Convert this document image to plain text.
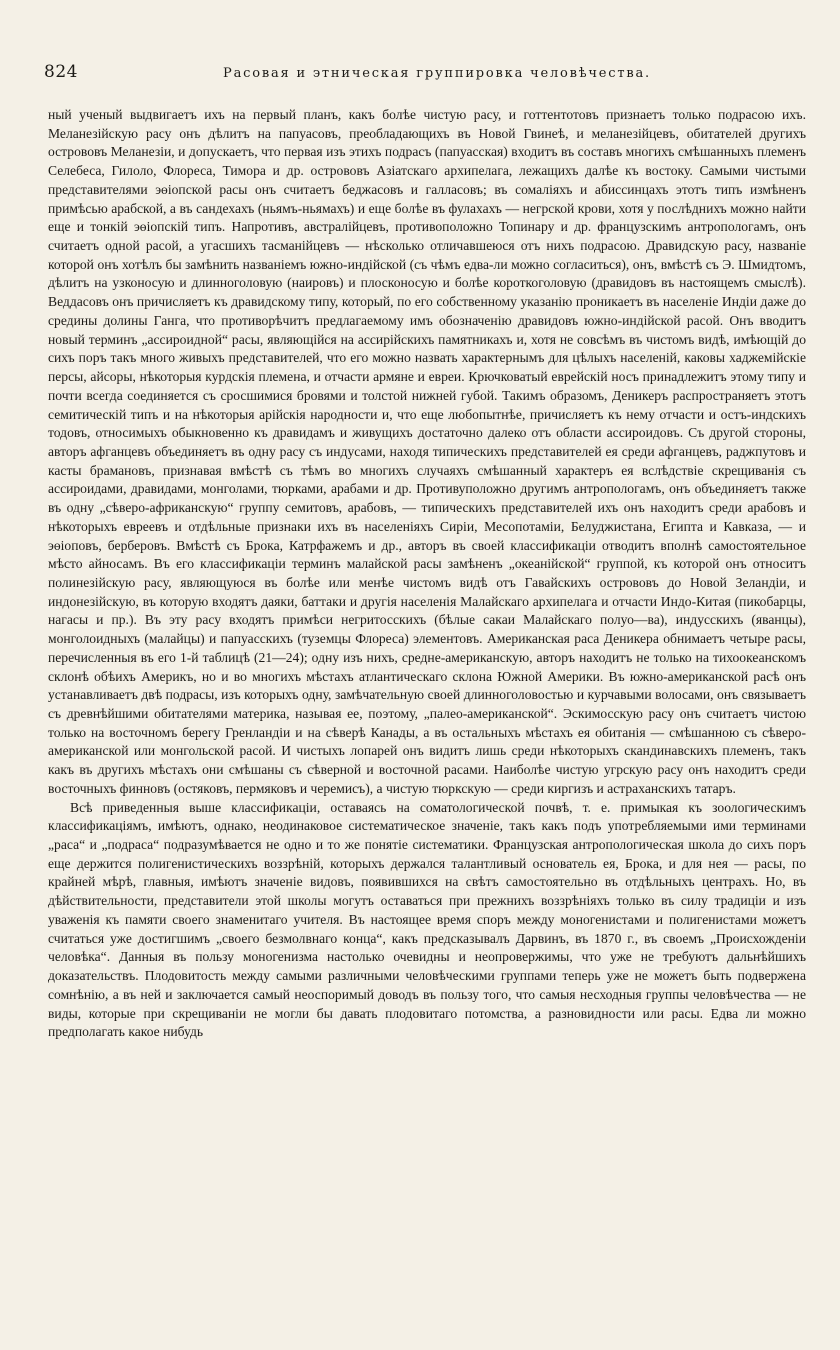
824	Расовая и этническая группировка человѣчества.

ный ученый выдвигаетъ ихъ на первый планъ, какъ болѣе чистую расу, и готтентотовъ признаетъ только подрасою ихъ. Меланезійскую расу онъ дѣлитъ на папуасовъ, преобладающихъ въ Новой Гвинеѣ, и меланезійцевъ, обитателей другихъ острововъ Меланезіи, и допускаетъ, что первая изъ этихъ подрасъ (папуасская) входитъ въ составъ многихъ смѣшанныхъ племенъ Селебеса, Гилоло, Флореса, Тимора и др. острововъ Азіатскаго архипелага, лежащихъ далѣе къ востоку. Самыми чистыми представителями эѳіопской расы онъ считаетъ беджасовъ и галласовъ; въ сомаліяхъ и абиссинцахъ этотъ типъ измѣненъ примѣсью арабской, а въ сандехахъ (ньямъ-ньямахъ) и еще болѣе въ фулахахъ — негрской крови, хотя у послѣднихъ можно найти еще и тонкій эѳіопскій типъ. Напротивъ, австралійцевъ, противоположно Топинару и др. французскимъ антропологамъ, онъ считаетъ одной расой, а угасшихъ тасманійцевъ — нѣсколько отличавшеюся отъ нихъ подрасою. Дравидскую расу, названіе которой онъ хотѣлъ бы замѣнить названіемъ южно-индійской (съ чѣмъ едва-ли можно согласиться), онъ, вмѣстѣ съ Э. Шмидтомъ, дѣлитъ на узконосую и длинноголовую (наировъ) и плосконосую и болѣе короткоголовую (дравидовъ въ настоящемъ смыслѣ). Веддасовъ онъ причисляетъ къ дравидскому типу, который, по его собственному указанію проникаетъ въ населеніе Индіи даже до средины долины Ганга, что противорѣчитъ предлагаемому имъ обозначенію дравидовъ южно-индійской расой. Онъ вводитъ новый терминъ „ассироидной“ расы, являющійся на ассирійскихъ памятникахъ и, хотя не совсѣмъ въ чистомъ видѣ, имѣющій до сихъ поръ такъ много живыхъ представителей, что его можно назвать характернымъ для цѣлыхъ населеній, каковы хаджемійскіе персы, айсоры, нѣкоторыя курдскія племена, и отчасти армяне и евреи. Крючковатый еврейскій носъ принадлежитъ этому типу и почти всегда соединяется съ сросшимися бровями и толстой нижней губой. Такимъ образомъ, Деникеръ распространяетъ этотъ семитическій типъ и на нѣкоторыя арійскія народности и, что еще любопытнѣе, причисляетъ къ нему отчасти и остъ-индскихъ тодовъ, относимыхъ обыкновенно къ дравидамъ и живущихъ достаточно далеко отъ области ассироидовъ. Съ другой стороны, авторъ афганцевъ объединяетъ въ одну расу съ индусами, находя типическихъ представителей ея среди афганцевъ, раджпутовъ и касты брамановъ, признавая вмѣстѣ съ тѣмъ во многихъ случаяхъ смѣшанный характеръ ея вслѣдствіе скрещиванія съ ассироидами, дравидами, монголами, тюрками, арабами и др. Противуположно другимъ антропологамъ, онъ объединяетъ также въ одну „сѣверо-африканскую“ группу семитовъ, арабовъ, — типическихъ представителей ихъ онъ находитъ среди арабовъ и нѣкоторыхъ евреевъ и отдѣльные признаки ихъ въ населеніяхъ Сиріи, Месопотаміи, Белуджистана, Египта и Кавказа, — и эѳіоповъ, берберовъ. Вмѣстѣ съ Брока, Катрфажемъ и др., авторъ въ своей классификаціи отводитъ вполнѣ самостоятельное мѣсто айносамъ. Въ его классификаціи терминъ малайской расы замѣненъ „океанійской“ группой, къ которой онъ относитъ полинезійскую расу, являющуюся въ болѣе или менѣе чистомъ видѣ отъ Гавайскихъ острововъ до Новой Зеландіи, и индонезійскую, въ которую входятъ даяки, баттаки и другія населенія Малайскаго архипелага и отчасти Индо-Китая (пикобарцы, нагасы и пр.). Въ эту расу входятъ примѣси негритосскихъ (бѣлые сакаи Малайскаго полуо—ва), индусскихъ (яванцы), монголоидныхъ (малайцы) и папуасскихъ (туземцы Флореса) элементовъ. Американская раса Деникера обнимаетъ четыре расы, перечисленныя въ его 1-й таблицѣ (21—24); одну изъ нихъ, средне-американскую, авторъ находитъ не только на тихоокеанскомъ склонѣ обѣихъ Америкъ, но и во многихъ мѣстахъ атлантическаго склона Южной Америки. Въ южно-американской расѣ онъ устанавливаетъ двѣ подрасы, изъ которыхъ одну, замѣчательную своей длинноголовостью и курчавыми волосами, онъ связываетъ съ древнѣйшими обитателями материка, называя ее, поэтому, „палео-американской“. Эскимосскую расу онъ считаетъ чистою только на восточномъ берегу Гренландіи и на сѣверѣ Канады, а въ остальныхъ мѣстахъ ея обитанія — смѣшанною съ сѣверо-американской или монгольской расой. И чистыхъ лопарей онъ видитъ лишь среди нѣкоторыхъ скандинавскихъ племенъ, такъ какъ въ другихъ мѣстахъ они смѣшаны съ сѣверной и восточной расами. Наиболѣе чистую угрскую расу онъ находитъ среди восточныхъ финновъ (остяковъ, пермяковъ и черемисъ), а чистую тюркскую — среди киргизъ и астраханскихъ татаръ.

Всѣ приведенныя выше классификаціи, оставаясь на соматологической почвѣ, т. е. примыкая къ зоологическимъ классификаціямъ, имѣютъ, однако, неодинаковое систематическое значеніе, такъ какъ подъ употребляемыми ими терминами „раса“ и „подраса“ подразумѣвается не одно и то же понятіе систематики. Французская антропологическая школа до сихъ поръ еще держится полигенистическихъ воззрѣній, которыхъ держался талантливый основатель ея, Брока, и для нея — расы, по крайней мѣрѣ, главныя, имѣютъ значеніе видовъ, появившихся на свѣтъ самостоятельно въ отдѣльныхъ центрахъ. Но, въ дѣйствительности, представители этой школы могутъ оставаться при прежнихъ воззрѣніяхъ только въ силу традиціи и изъ уваженія къ памяти своего знаменитаго учителя. Въ настоящее время споръ между моногенистами и полигенистами можетъ считаться уже достигшимъ „своего безмолвнаго конца“, какъ предсказывалъ Дарвинъ, въ 1870 г., въ своемъ „Происхожденіи человѣка“. Данныя въ пользу моногенизма настолько очевидны и неопровержимы, что уже не требуютъ дальнѣйшихъ доказательствъ. Плодовитость между самыми различными человѣческими группами теперь уже не можетъ быть подвержена сомнѣнію, а въ ней и заключается самый неоспоримый доводъ въ пользу того, что самыя несходныя группы человѣчества — не виды, которые при скрещиваніи не могли бы давать плодовитаго потомства, а разновидности или расы. Едва ли можно предполагать какое нибудь
